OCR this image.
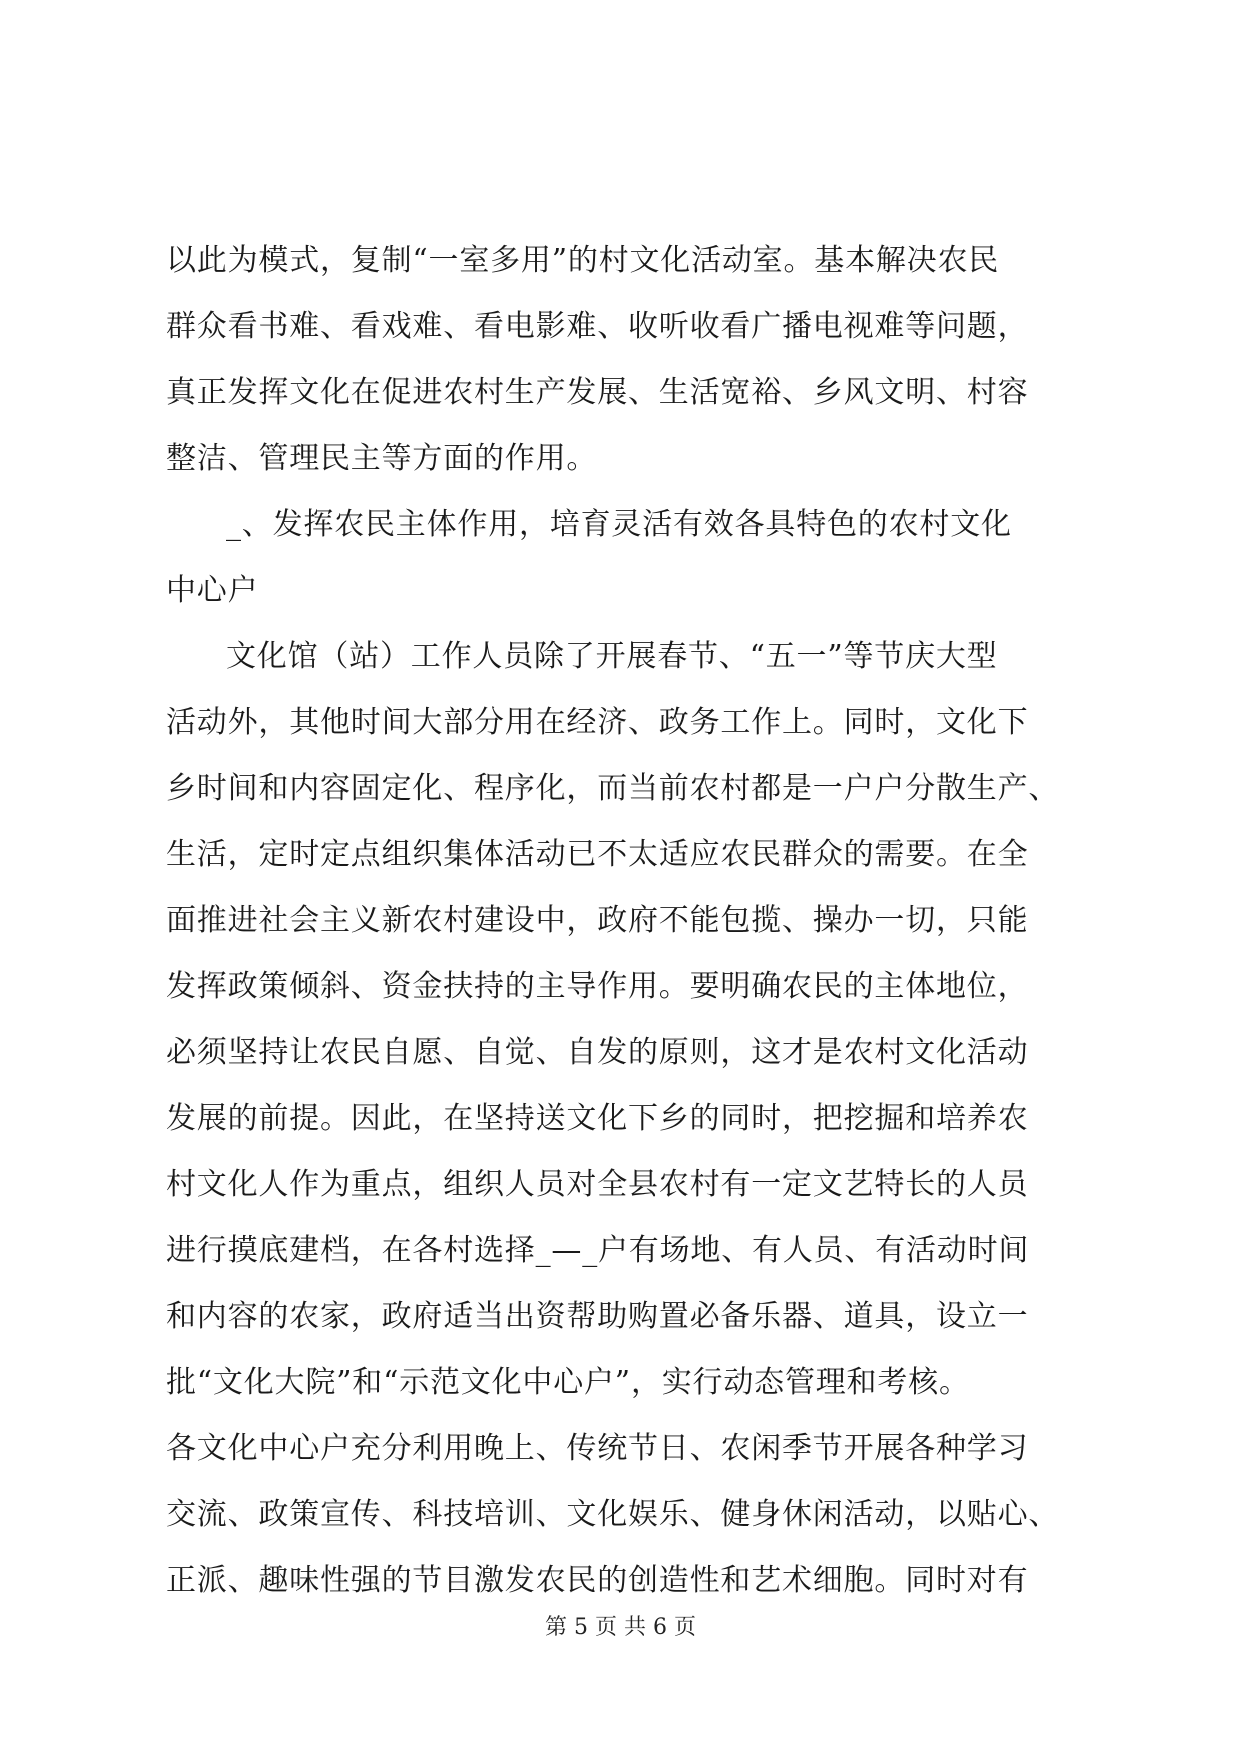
以此为模式，复制“一室多用”的村文化活动室。基本解决农民
群众看书难、看戏难、看电影难、收听收看广播电视难等问题，
真正发挥文化在促进农村生产发展、生活宽裕、乡风文明、村容
整洁、管理民主等方面的作用。

_、发挥农民主体作用，培育灵活有效各具特色的农村文化
中心户

文化馆（站）工作人员除了开展春节、“五一”等节庆大型
活动外，其他时间大部分用在经济、政务工作上。同时，文化下
乡时间和内容固定化、程序化，而当前农村都是一户户分散生产、
生活，定时定点组织集体活动已不太适应农民群众的需要。在全
面推进社会主义新农村建设中，政府不能包揽、操办一切，只能
发挥政策倾斜、资金扶持的主导作用。要明确农民的主体地位，
必须坚持让农民自愿、自觉、自发的原则，这才是农村文化活动
发展的前提。因此，在坚持送文化下乡的同时，把挖掘和培养农
村文化人作为重点，组织人员对全县农村有一定文艺特长的人员
进行摸底建档，在各村选择_—_户有场地、有人员、有活动时间
和内容的农家，政府适当出资帮助购置必备乐器、道具，设立一
批“文化大院”和“示范文化中心户”，实行动态管理和考核。
各文化中心户充分利用晚上、传统节日、农闲季节开展各种学习
交流、政策宣传、科技培训、文化娱乐、健身休闲活动，以贴心、
正派、趣味性强的节目激发农民的创造性和艺术细胞。同时对有

第 5 页 共 6 页
